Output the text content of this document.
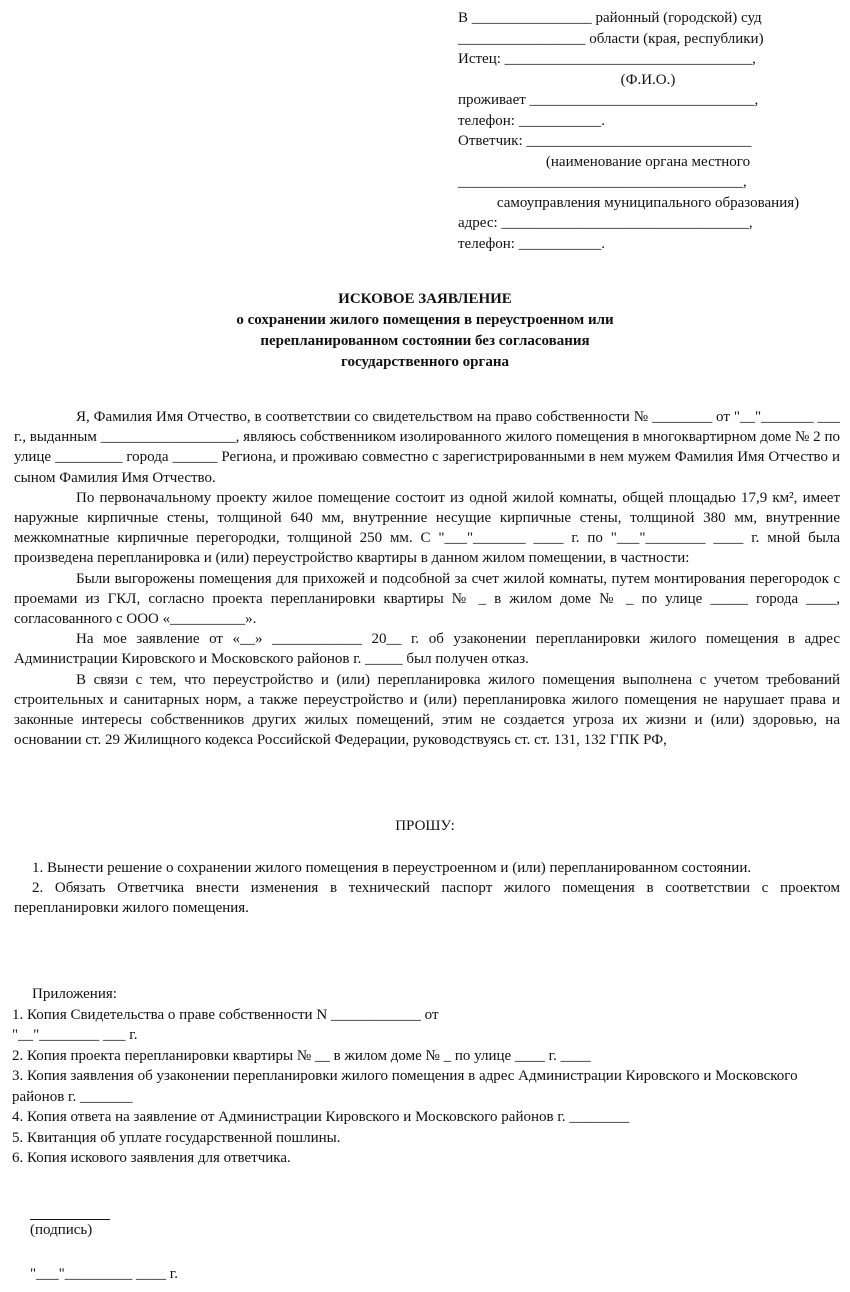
В ________________ районный (городской) суд
_________________ области (края, республики)
Истец: _________________________________,
(Ф.И.О.)
проживает ______________________________,
телефон: ___________.
Ответчик: ______________________________
(наименование органа местного
______________________________________,
самоуправления муниципального образования)
адрес: _________________________________,
телефон: ___________.
ИСКОВОЕ ЗАЯВЛЕНИЕ
о сохранении жилого помещения в переустроенном или
перепланированном состоянии без согласования
государственного органа

Я, Фамилия Имя Отчество, в соответствии со свидетельством на право собственности № ________ от "__"_______ ___ г., выданным __________________, являюсь собственником изолированного жилого помещения в многоквартирном доме № 2 по улице _________ города ______ Региона, и проживаю совместно с зарегистрированными в нем мужем Фамилия Имя Отчество и сыном Фамилия Имя Отчество.

По первоначальному проекту жилое помещение состоит из одной жилой комнаты, общей площадью 17,9 км², имеет наружные кирпичные стены, толщиной 640 мм, внутренние несущие кирпичные стены, толщиной 380 мм, внутренние межкомнатные кирпичные перегородки, толщиной 250 мм. С "___"_______ ____ г. по "___"________ ____ г. мной была произведена перепланировка и (или) переустройство квартиры в данном жилом помещении, в частности:

Были выгорожены помещения для прихожей и подсобной за счет жилой комнаты, путем монтирования перегородок с проемами из ГКЛ, согласно проекта перепланировки квартиры № _ в жилом доме № _ по улице _____ города ____, согласованного с ООО «__________».

На мое заявление от «__» ____________ 20__ г. об узаконении перепланировки жилого помещения в адрес Администрации Кировского и Московского районов г. _____ был получен отказ.

В связи с тем, что переустройство и (или) перепланировка жилого помещения выполнена с учетом требований строительных и санитарных норм, а также переустройство и (или) перепланировка жилого помещения не нарушает права и законные интересы собственников других жилых помещений, этим не создается угроза их жизни и (или) здоровью, на основании ст. 29 Жилищного кодекса Российской Федерации, руководствуясь ст. ст. 131, 132 ГПК РФ,

ПРОШУ:

1. Вынести решение о сохранении жилого помещения в переустроенном и (или) перепланированном состоянии.

2. Обязать Ответчика внести изменения в технический паспорт жилого помещения в соответствии с проектом перепланировки жилого помещения.

Приложения:
1. Копия Свидетельства о праве собственности N ____________ от
"__"________ ___ г.
2. Копия проекта перепланировки квартиры № __ в жилом доме № _ по улице ____ г. ____
3. Копия заявления об узаконении перепланировки жилого помещения в адрес Администрации Кировского и Московского районов г. _______
4. Копия ответа на заявление от Администрации Кировского и Московского районов г. ________
5. Квитанция об уплате государственной пошлины.
6. Копия искового заявления для ответчика.
(подпись)
"___"_________ ____ г.
